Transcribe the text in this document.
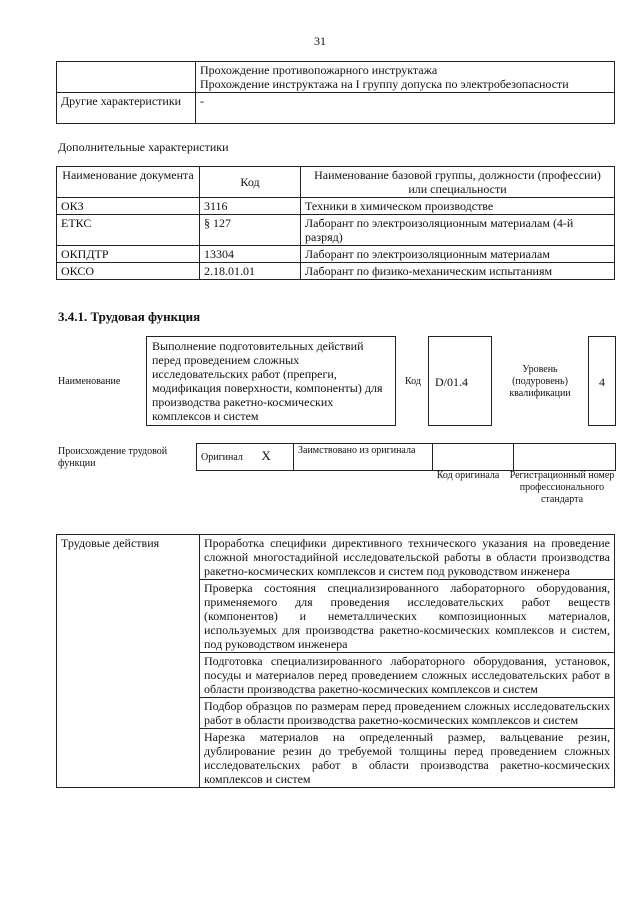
31

	Прохождение противопожарного инструктажа
Прохождение инструктажа на I группу допуска по электробезопасности

Другие характеристики	-
Дополнительные характеристики
Наименование документа	Код	Наименование базовой группы, должности (профессии) или специальности
ОКЗ	3116	Техники в химическом производстве
ЕТКС	§ 127	Лаборант по электроизоляционным материалам (4-й разряд)
ОКПДТР	13304	Лаборант по электроизоляционным материалам
ОКСО	2.18.01.01	Лаборант по физико-механическим испытаниям
3.4.1. Трудовая функция
Наименование
Выполнение подготовительных действий перед проведением сложных исследовательских работ (препреги, модификация поверхности, компоненты) для производства ракетно-космических комплексов и систем
Код	D/01.4
Уровень (подуровень) квалификации
4
Происхождение трудовой функции
Оригинал X	Заимствовано из оригинала		
Код оригинала	Регистрационный номер профессионального стандарта
Трудовые действия	Проработка специфики директивного технического указания на проведение сложной многостадийной исследовательской работы в области производства ракетно-космических комплексов и систем под руководством инженера
Проверка состояния специализированного лабораторного оборудования, применяемого для проведения исследовательских работ веществ (компонентов) и неметаллических композиционных материалов, используемых для производства ракетно-космических комплексов и систем, под руководством инженера
Подготовка специализированного лабораторного оборудования, установок, посуды и материалов перед проведением сложных исследовательских работ в области производства ракетно-космических комплексов и систем
Подбор образцов по размерам перед проведением сложных исследовательских работ в области производства ракетно-космических комплексов и систем
Нарезка материалов на определенный размер, вальцевание резин, дублирование резин до требуемой толщины перед проведением сложных исследовательских работ в области производства ракетно-космических комплексов и систем
